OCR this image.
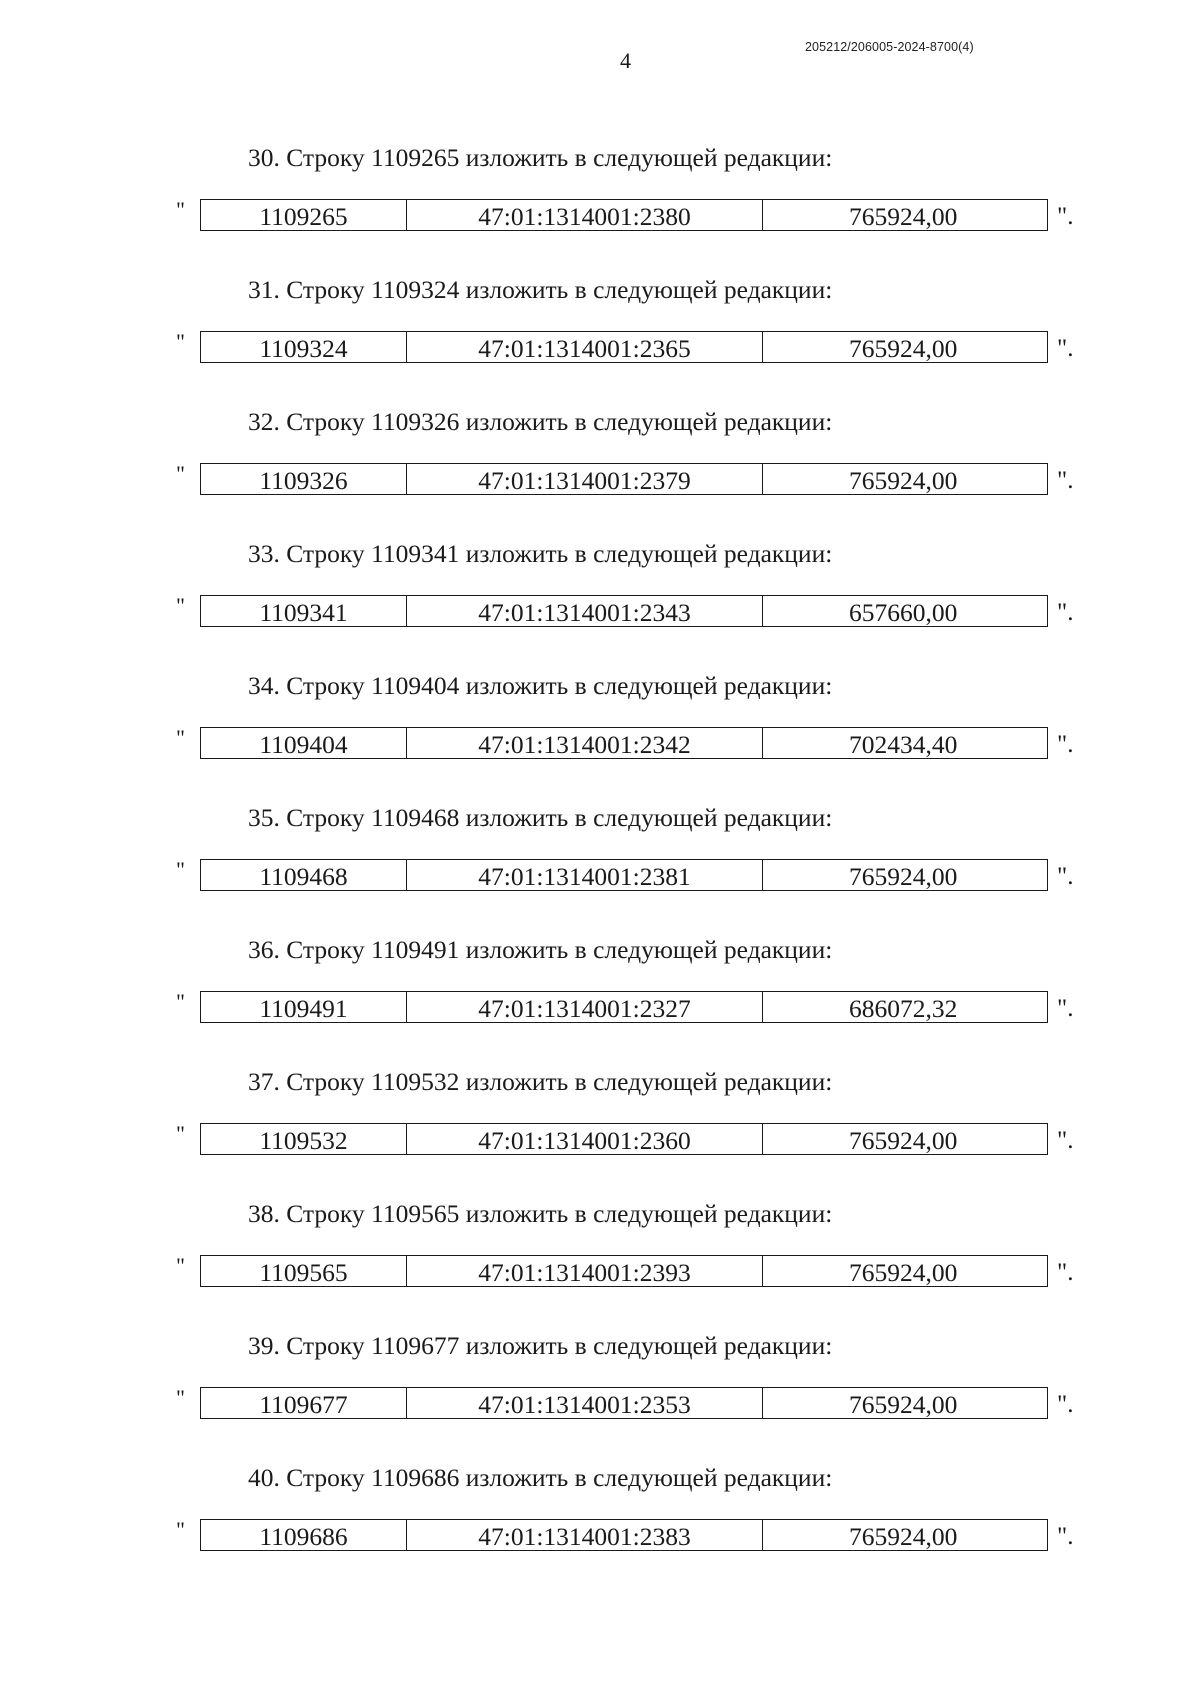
4
205212/206005-2024-8700(4)
30. Строку 1109265 изложить в следующей редакции:
"	1109265	47:01:1314001:2380	765924,00	".
31. Строку 1109324 изложить в следующей редакции:
"	1109324	47:01:1314001:2365	765924,00	".
32. Строку 1109326 изложить в следующей редакции:
"	1109326	47:01:1314001:2379	765924,00	".
33. Строку 1109341 изложить в следующей редакции:
"	1109341	47:01:1314001:2343	657660,00	".
34. Строку 1109404 изложить в следующей редакции:
"	1109404	47:01:1314001:2342	702434,40	".
35. Строку 1109468 изложить в следующей редакции:
"	1109468	47:01:1314001:2381	765924,00	".
36. Строку 1109491 изложить в следующей редакции:
"	1109491	47:01:1314001:2327	686072,32	".
37. Строку 1109532 изложить в следующей редакции:
"	1109532	47:01:1314001:2360	765924,00	".
38. Строку 1109565 изложить в следующей редакции:
"	1109565	47:01:1314001:2393	765924,00	".
39. Строку 1109677 изложить в следующей редакции:
"	1109677	47:01:1314001:2353	765924,00	".
40. Строку 1109686 изложить в следующей редакции:
"	1109686	47:01:1314001:2383	765924,00	".
